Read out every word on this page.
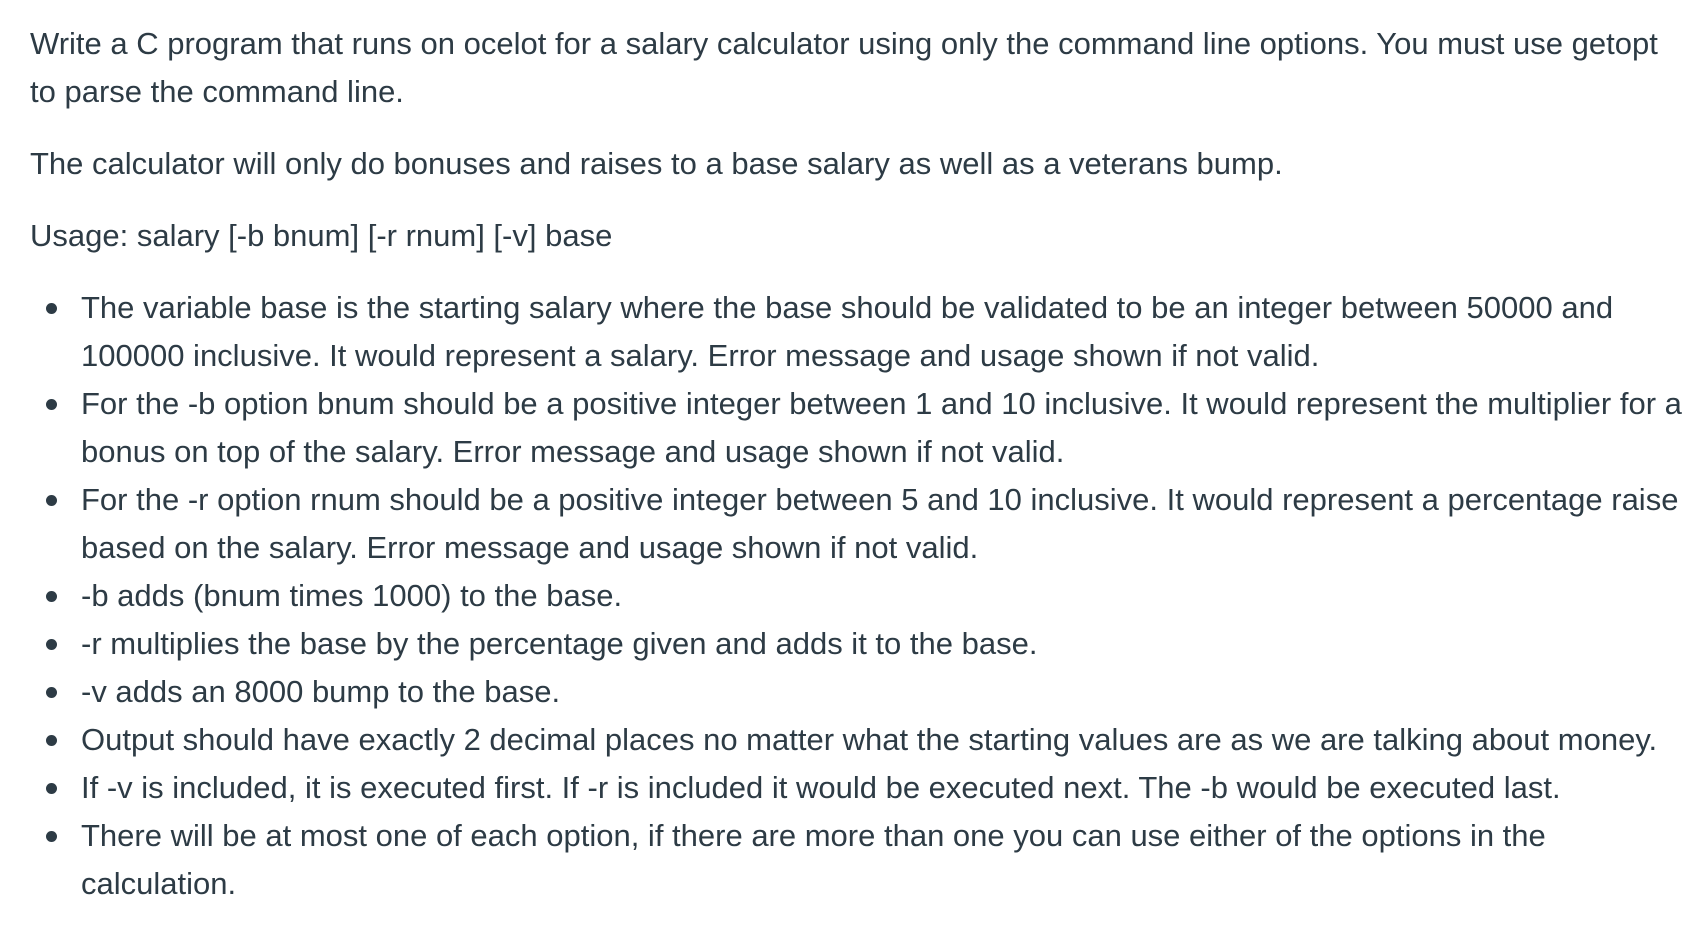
Write a C program that runs on ocelot for a salary calculator using only the command line options. You must use getopt to parse the command line.

The calculator will only do bonuses and raises to a base salary as well as a veterans bump.

Usage: salary [-b bnum] [-r rnum] [-v] base

The variable base is the starting salary where the base should be validated to be an integer between 50000 and 100000 inclusive. It would represent a salary. Error message and usage shown if not valid.
For the -b option bnum should be a positive integer between 1 and 10 inclusive. It would represent the multiplier for a bonus on top of the salary. Error message and usage shown if not valid.
For the -r option rnum should be a positive integer between 5 and 10 inclusive. It would represent a percentage raise based on the salary. Error message and usage shown if not valid.
-b adds (bnum times 1000) to the base.
-r multiplies the base by the percentage given and adds it to the base.
-v adds an 8000 bump to the base.
Output should have exactly 2 decimal places no matter what the starting values are as we are talking about money.
If -v is included, it is executed first. If -r is included it would be executed next. The -b would be executed last.
There will be at most one of each option, if there are more than one you can use either of the options in the calculation.
